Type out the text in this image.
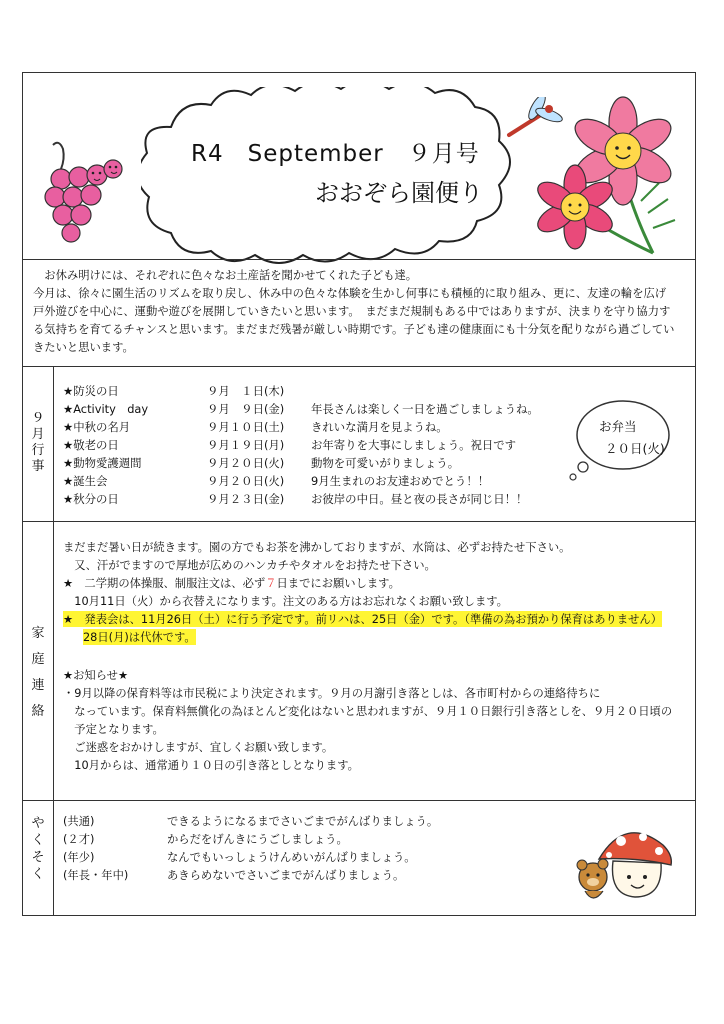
R4　September　９月号
おおぞら園便り
　お休み明けには、それぞれに色々なお土産話を聞かせてくれた子ども達。
今月は、徐々に園生活のリズムを取り戻し、休み中の色々な体験を生かし何事にも積極的に取り組み、更に、友達の輪を広げ
戸外遊びを中心に、運動や遊びを展開していきたいと思います。　まだまだ規制もある中ではありますが、決まりを守り協力す
る気持ちを育てるチャンスと思います。まだまだ残暑が厳しい時期です。子ども達の健康面にも十分気を配りながら過ごしてい
きたいと思います。
９
月
行
事
★防災の日	９月　１日(木)
★Activity　day	９月　９日(金) 年長さんは楽しく一日を過ごしましょうね。
★中秋の名月	９月１０日(土) きれいな満月を見ようね。
★敬老の日	９月１９日(月) お年寄りを大事にしましょう。祝日です
★動物愛護週間	９月２０日(火) 動物を可愛いがりましょう。
★誕生会	９月２０日(火) 9月生まれのお友達おめでとう！！
★秋分の日	９月２３日(金) お彼岸の中日。昼と夜の長さが同じ日！！
お弁当
２０日(火)
家
庭
連
絡
まだまだ暑い日が続きます。園の方でもお茶を沸かしておりますが、水筒は、必ずお持たせ下さい。
　又、汗がでますので厚地が広めのハンカチやタオルをお持たせ下さい。
★　二学期の体操服、制服注文は、必ず７日までにお願いします。
　10月11日（火）から衣替えになります。注文のある方はお忘れなくお願い致します。
★　発表会は、11月26日（土）に行う予定です。前リハは、25日（金）です。（準備の為お預かり保育はありません）
28日(月)は代休です。
★お知らせ★
・9月以降の保育料等は市民税により決定されます。９月の月謝引き落としは、各市町村からの連絡待ちに
　なっています。保育料無償化の為ほとんど変化はないと思われますが、９月１０日銀行引き落としを、９月２０日頃の
　予定となります。
　ご迷惑をおかけしますが、宜しくお願い致します。
　10月からは、通常通り１０日の引き落としとなります。
や
く
そ
く
(共通)	できるようになるまでさいごまでがんばりましょう。
(２才)	からだをげんきにうごしましょう。
(年少)	なんでもいっしょうけんめいがんばりましょう。
(年長・年中)	あきらめないでさいごまでがんばりましょう。
